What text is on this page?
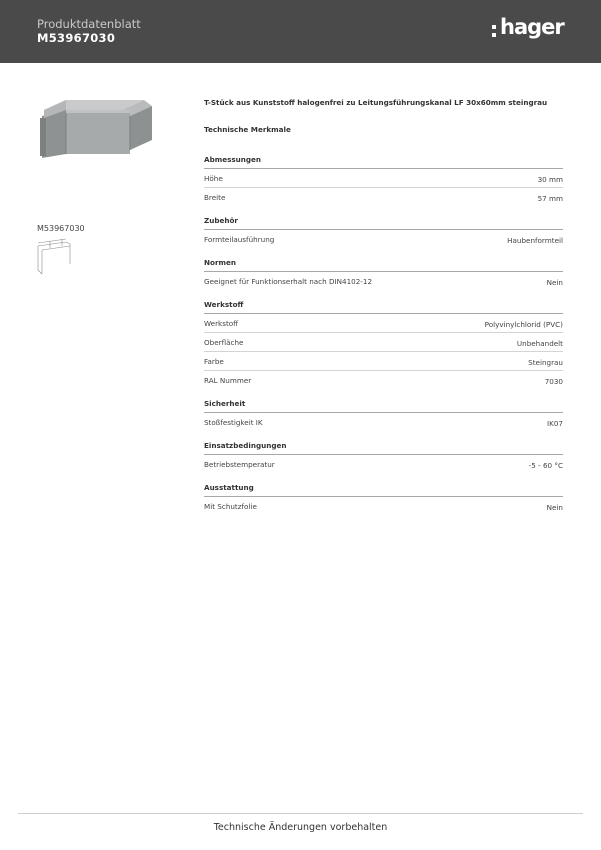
Produktdatenblatt
M53967030	hager
M53967030
T-Stück aus Kunststoff halogenfrei zu Leitungsführungskanal LF 30x60mm steingrau
Technische Merkmale
Abmessungen
Höhe	30 mm
Breite	57 mm
Zubehör
Formteilausführung	Haubenformteil
Normen
Geeignet für Funktionserhalt nach DIN4102-12	Nein
Werkstoff
Werkstoff	Polyvinylchlorid (PVC)
Oberfläche	Unbehandelt
Farbe	Steingrau
RAL Nummer	7030
Sicherheit
Stoßfestigkeit IK	IK07
Einsatzbedingungen
Betriebstemperatur	-5 - 60 °C
Ausstattung
Mit Schutzfolie	Nein
Technische Änderungen vorbehalten
